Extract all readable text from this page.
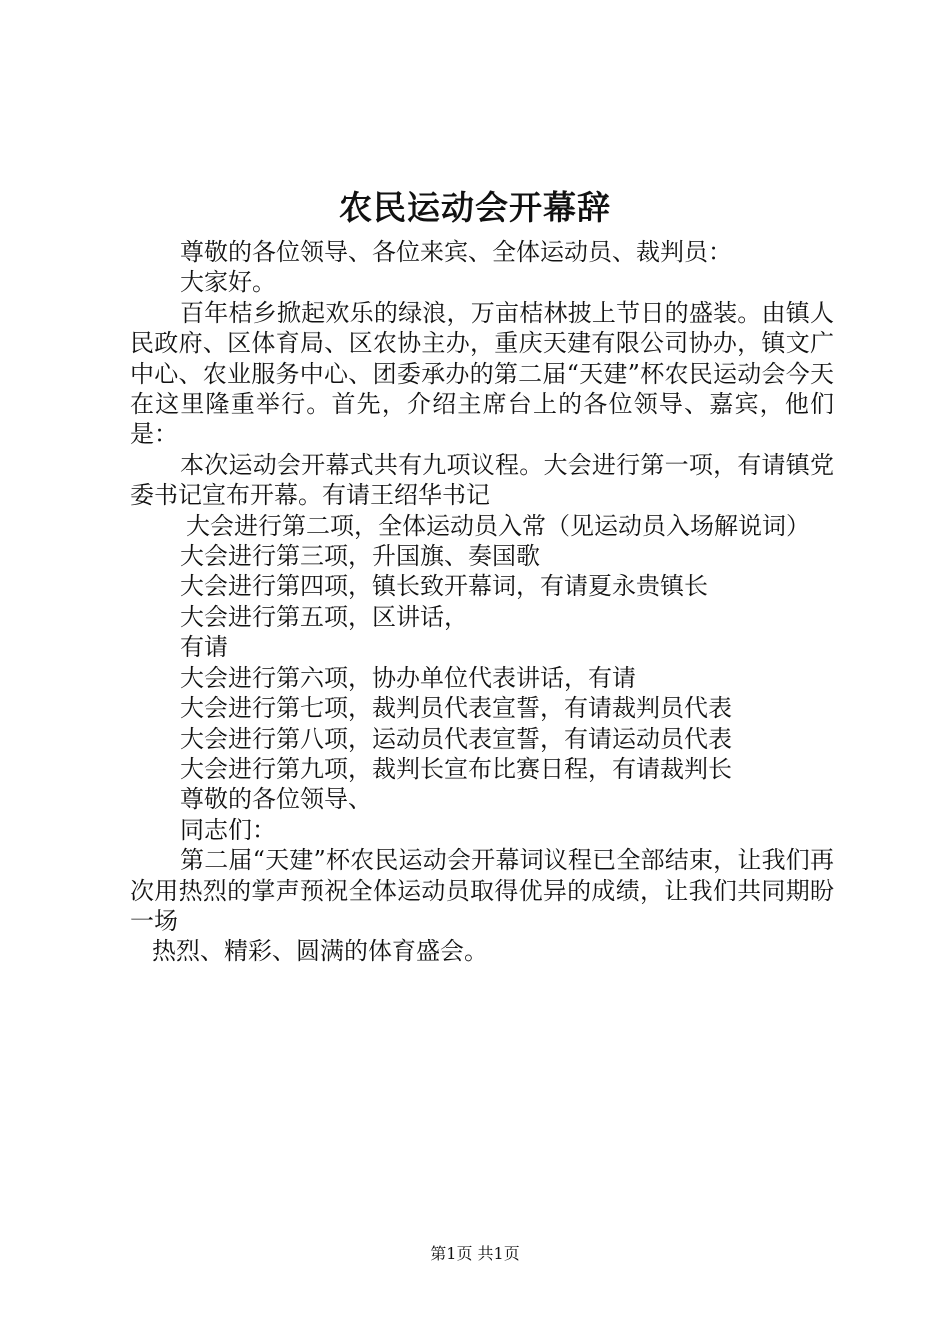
农民运动会开幕辞

尊敬的各位领导、各位来宾、全体运动员、裁判员：

大家好。

百年桔乡掀起欢乐的绿浪，万亩桔林披上节日的盛装。由镇人民政府、区体育局、区农协主办，重庆天建有限公司协办，镇文广中心、农业服务中心、团委承办的第二届“天建”杯农民运动会今天在这里隆重举行。首先，介绍主席台上的各位领导、嘉宾，他们是：

本次运动会开幕式共有九项议程。大会进行第一项，有请镇党委书记宣布开幕。有请王绍华书记

大会进行第二项，全体运动员入常（见运动员入场解说词）

大会进行第三项，升国旗、奏国歌

大会进行第四项，镇长致开幕词，有请夏永贵镇长

大会进行第五项，区讲话，

有请

大会进行第六项，协办单位代表讲话，有请

大会进行第七项，裁判员代表宣誓，有请裁判员代表

大会进行第八项，运动员代表宣誓，有请运动员代表

大会进行第九项，裁判长宣布比赛日程，有请裁判长

尊敬的各位领导、

同志们：

第二届“天建”杯农民运动会开幕词议程已全部结束，让我们再次用热烈的掌声预祝全体运动员取得优异的成绩，让我们共同期盼一场

热烈、精彩、圆满的体育盛会。

第1页 共1页
